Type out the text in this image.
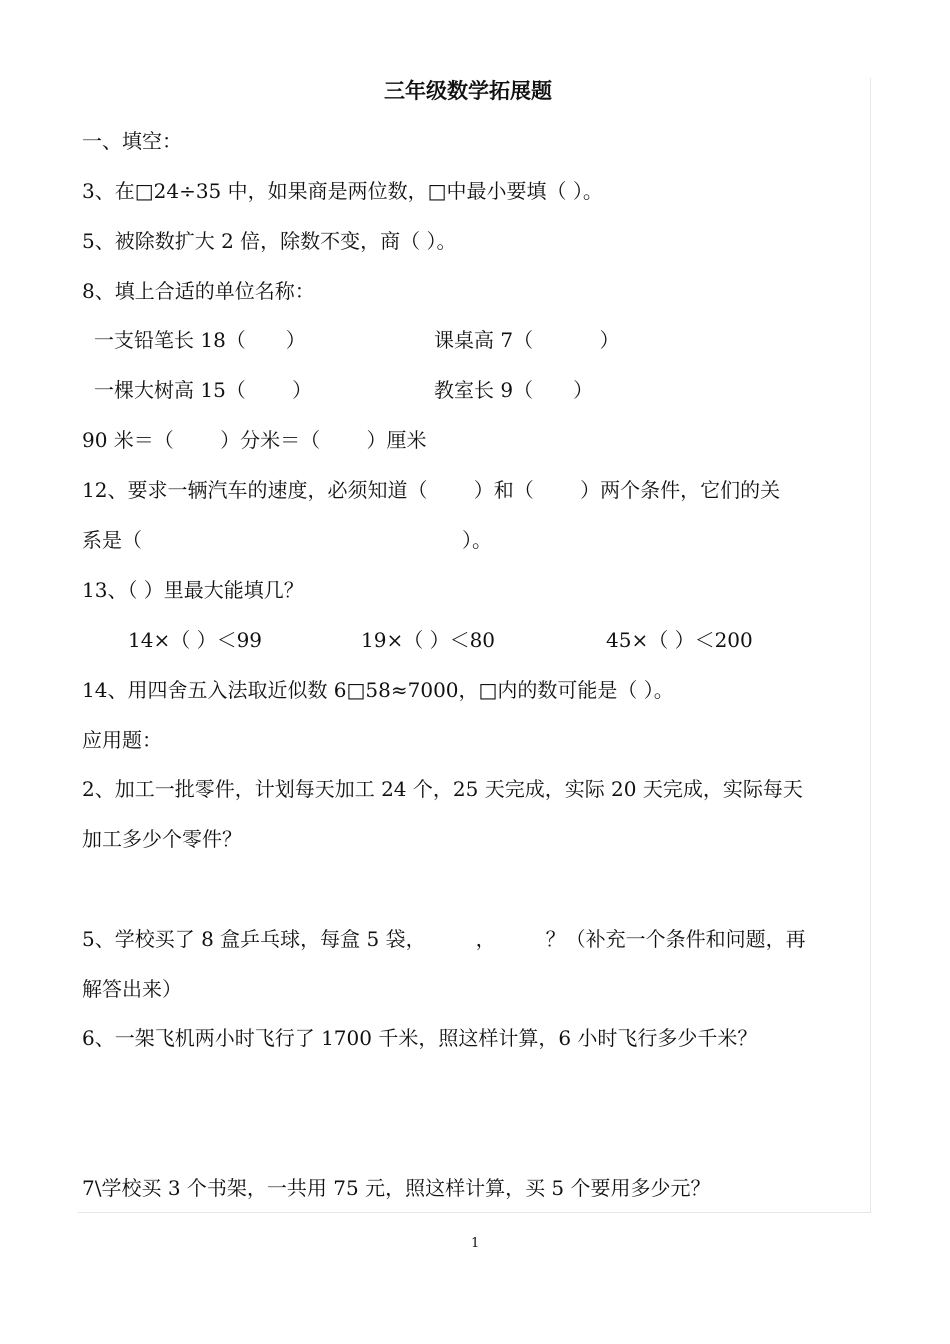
三年级数学拓展题

一、填空：

3、在□24÷35 中，如果商是两位数，□中最小要填（ ）。

5、被除数扩大 2 倍，除数不变，商（ ）。

8、填上合适的单位名称：

一支铅笔长 18（　　）	课桌高 7（　　　 ）

一棵大树高 15（　　 ）	教室长 9（　　）

90 米＝（　　 ）分米＝（　　 ）厘米

12、要求一辆汽车的速度，必须知道（　　 ）和（　　 ）两个条件，它们的关

系是（　　　　　　　　　　　　　　　　）。

13、（ ）里最大能填几？

14×（ ）＜99	19×（ ）＜80	45×（ ）＜200

14、用四舍五入法取近似数 6□58≈7000，□内的数可能是（ ）。

应用题：

2、加工一批零件，计划每天加工 24 个，25 天完成，实际 20 天完成，实际每天

加工多少个零件？

5、学校买了 8 盒乒乓球，每盒 5 袋，　　　，　　　？（补充一个条件和问题，再

解答出来）

6、一架飞机两小时飞行了 1700 千米，照这样计算，6 小时飞行多少千米？

7\学校买 3 个书架，一共用 75 元，照这样计算，买 5 个要用多少元？

1
